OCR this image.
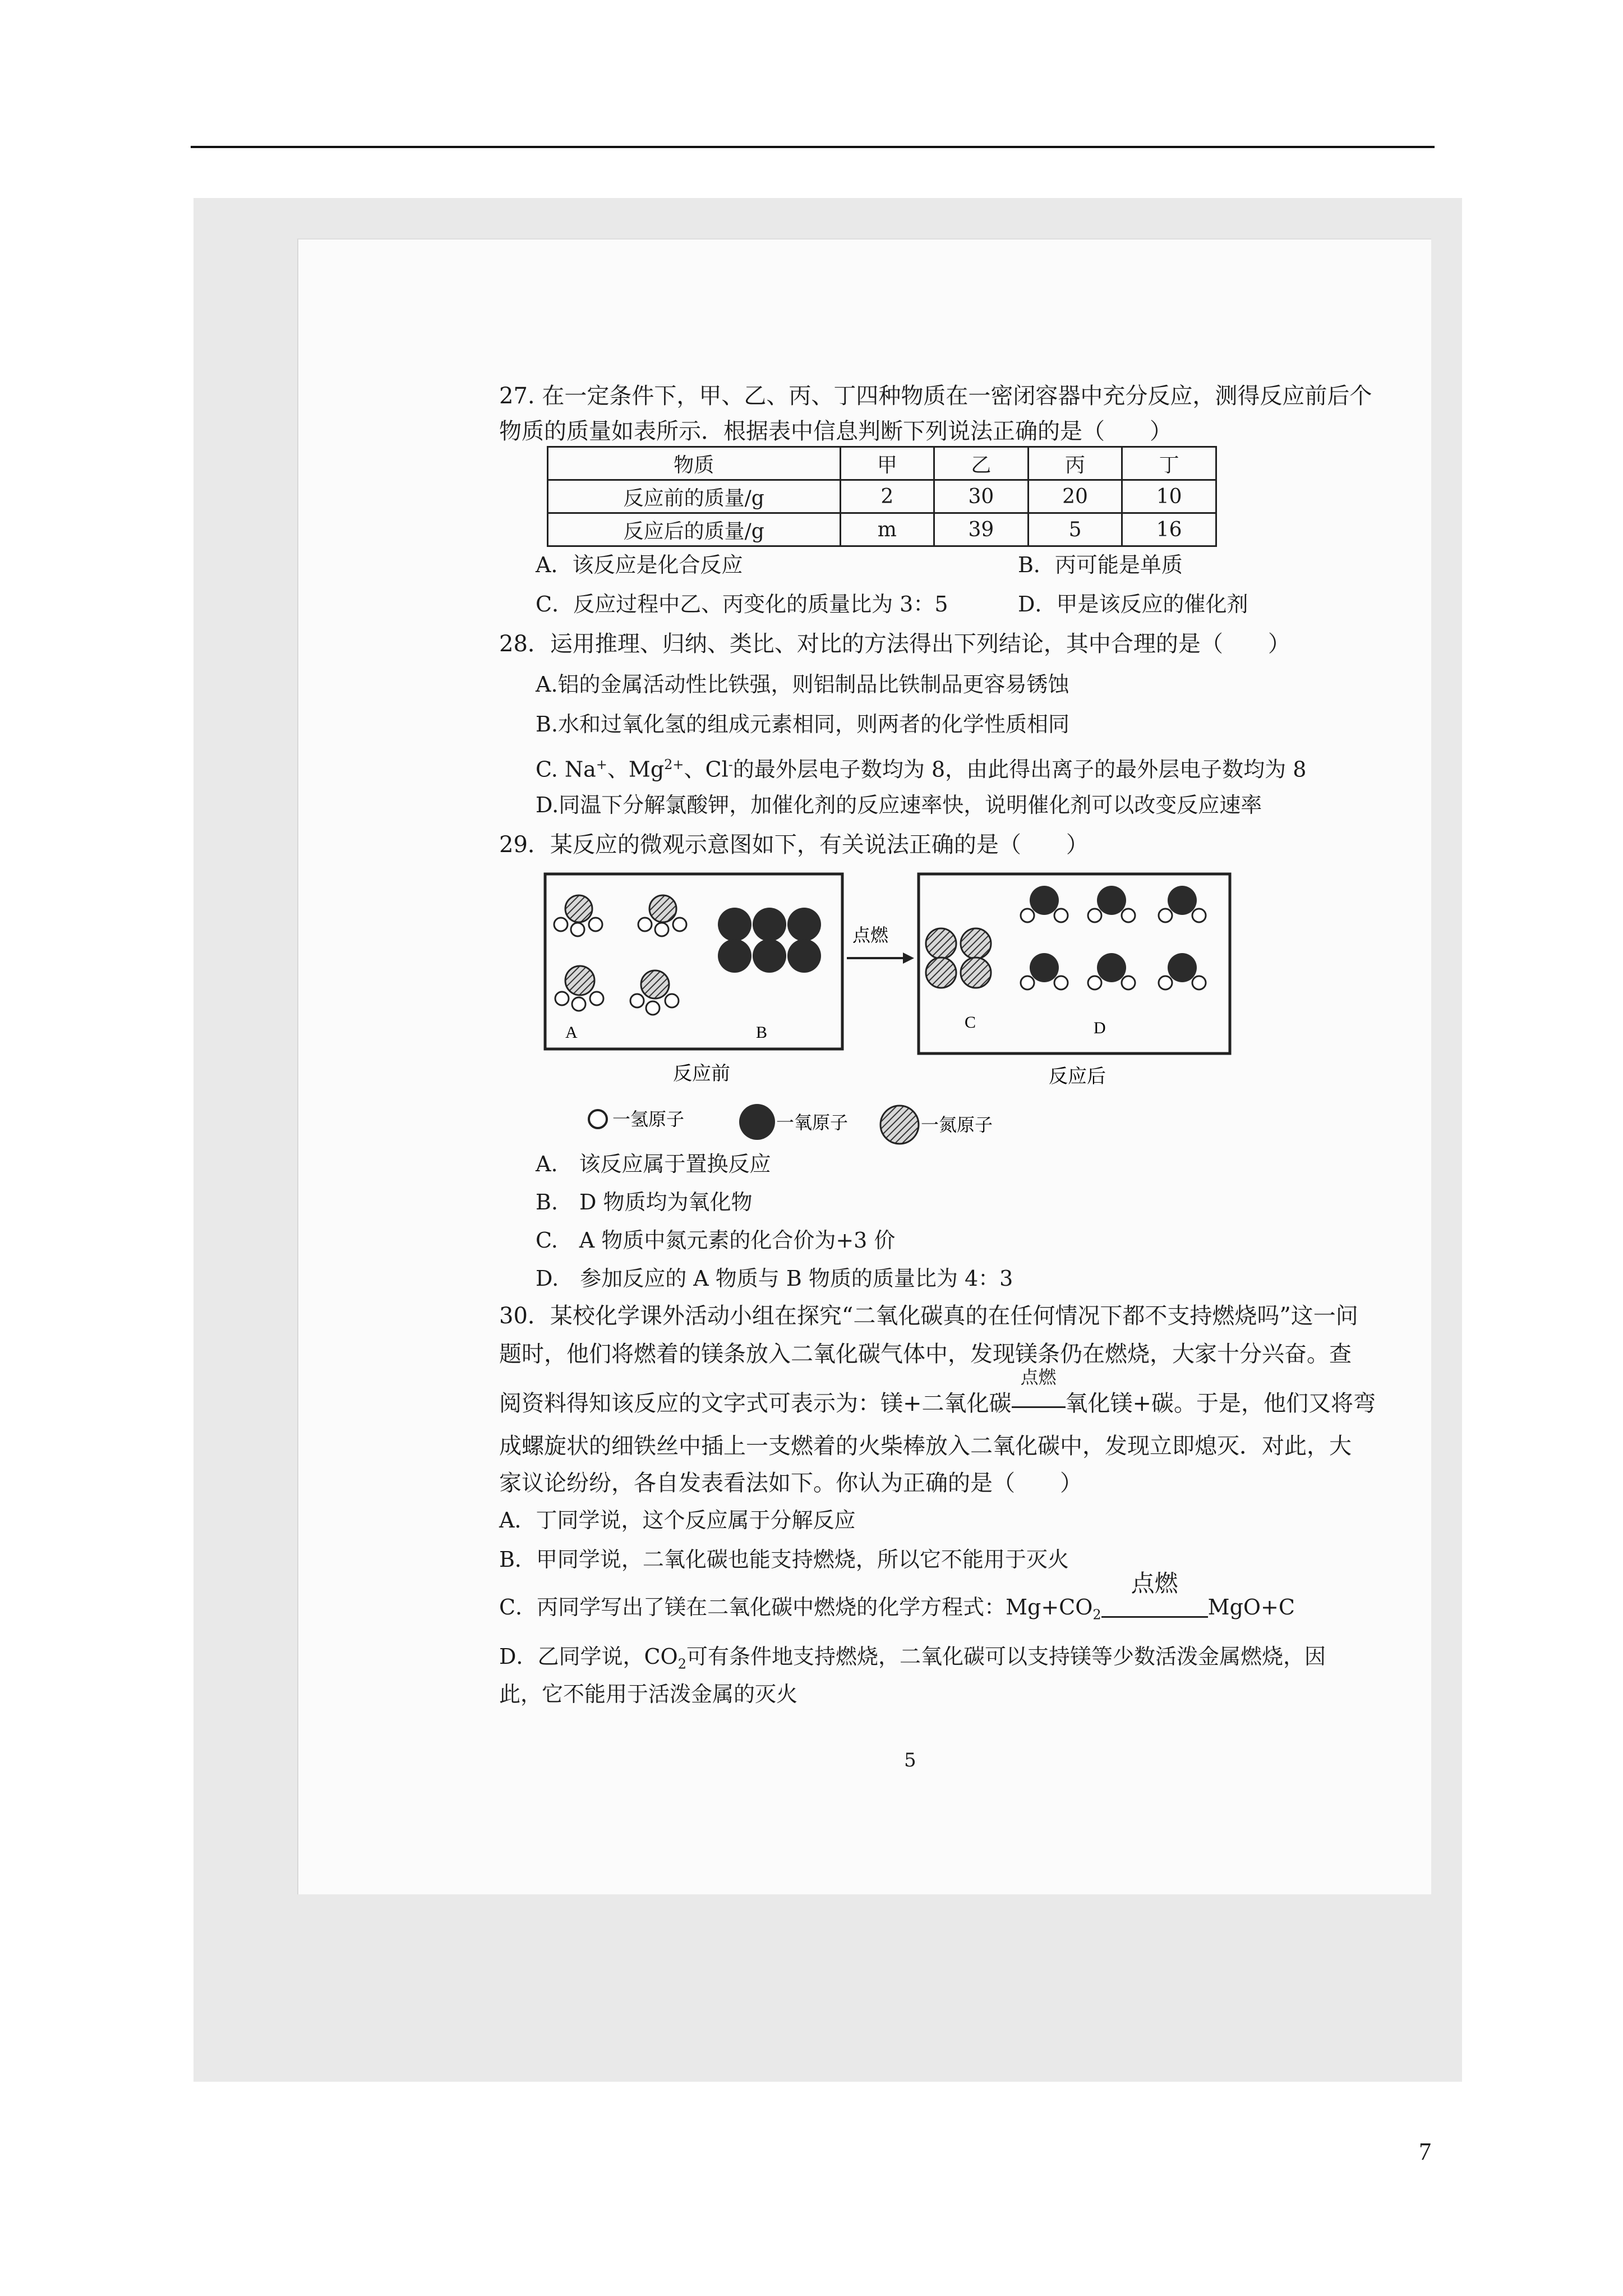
27. 在一定条件下，甲、乙、丙、丁四种物质在一密闭容器中充分反应，测得反应前后个
物质的质量如表所示．根据表中信息判断下列说法正确的是（　　）
物质	甲	乙	丙	丁
反应前的质量/g	2	30	20	10
反应后的质量/g	m	39	5	16
A．该反应是化合反应	B．丙可能是单质
C．反应过程中乙、丙变化的质量比为 3：5	D．甲是该反应的催化剂
28．运用推理、归纳、类比、对比的方法得出下列结论，其中合理的是（　　）
A.铝的金属活动性比铁强，则铝制品比铁制品更容易锈蚀
B.水和过氧化氢的组成元素相同，则两者的化学性质相同
C. Na+、$Mg^{2+}$、Cl-的最外层电子数均为 8，由此得出离子的最外层电子数均为 8
D.同温下分解氯酸钾，加催化剂的反应速率快，说明催化剂可以改变反应速率
29．某反应的微观示意图如下，有关说法正确的是（　　）
A	B
点燃
C	D
反应前	反应后
一氢原子	一氧原子	一氮原子
A.　该反应属于置换反应
B.　D 物质均为氧化物
C.　A 物质中氮元素的化合价为+3 价
D.　参加反应的 A 物质与 B 物质的质量比为 4：3
30．某校化学课外活动小组在探究“二氧化碳真的在任何情况下都不支持燃烧吗”这一问
题时，他们将燃着的镁条放入二氧化碳气体中，发现镁条仍在燃烧，大家十分兴奋。查
阅资料得知该反应的文字式可表示为：镁+二氧化碳
点燃
氧化镁+碳。于是，他们又将弯
成螺旋状的细铁丝中插上一支燃着的火柴棒放入二氧化碳中，发现立即熄灭．对此，大
家议论纷纷，各自发表看法如下。你认为正确的是（　　）
A．丁同学说，这个反应属于分解反应
B．甲同学说，二氧化碳也能支持燃烧，所以它不能用于灭火
C．丙同学写出了镁在二氧化碳中燃烧的化学方程式：$Mg+CO_2$
点燃
MgO+C
D．乙同学说，$CO_2$可有条件地支持燃烧，二氧化碳可以支持镁等少数活泼金属燃烧，因
此，它不能用于活泼金属的灭火
5
7
